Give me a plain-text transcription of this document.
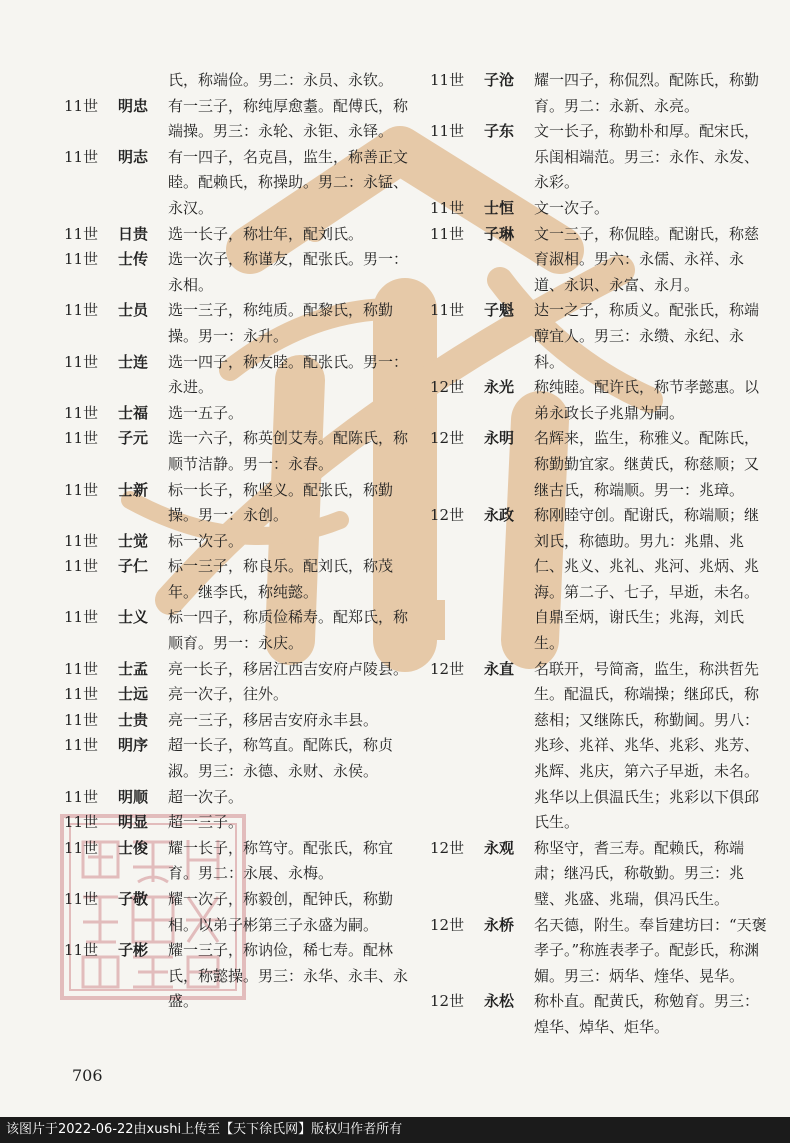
氏，称端俭。男二：永员、永钦。
11世	明忠	有一三子，称纯厚愈耋。配傅氏，称端操。男三：永轮、永钜、永铎。
11世	明志	有一四子，名克昌，监生，称善正文睦。配赖氏，称操助。男二：永锰、永汉。
11世	日贵	选一长子，称壮年，配刘氏。
11世	士传	选一次子，称谨友，配张氏。男一：永相。
11世	士员	选一三子，称纯质。配黎氏，称勤操。男一：永升。
11世	士连	选一四子，称友睦。配张氏。男一：永进。
11世	士福	选一五子。
11世	子元	选一六子，称英创艾寿。配陈氏，称顺节洁静。男一：永春。
11世	士新	标一长子，称坚义。配张氏，称勤操。男一：永创。
11世	士觉	标一次子。
11世	子仁	标一三子，称良乐。配刘氏，称茂年。继李氏，称纯懿。
11世	士义	标一四子，称质俭稀寿。配郑氏，称顺育。男一：永庆。
11世	士孟	亮一长子，移居江西吉安府卢陵县。
11世	士远	亮一次子，往外。
11世	士贵	亮一三子，移居吉安府永丰县。
11世	明序	超一长子，称笃直。配陈氏，称贞淑。男三：永德、永财、永侯。
11世	明顺	超一次子。
11世	明显	超一三子。
11世	士俊	耀一长子，称笃守。配张氏，称宜育。男二：永展、永梅。
11世	子敬	耀一次子，称毅创，配钟氏，称勤相。以弟子彬第三子永盛为嗣。
11世	子彬	耀一三子，称讷俭，稀七寿。配林氏，称懿操。男三：永华、永丰、永盛。
11世	子沧	耀一四子，称侃烈。配陈氏，称勤育。男二：永新、永亮。
11世	子东	文一长子，称勤朴和厚。配宋氏，乐闺相端范。男三：永作、永发、永彩。
11世	士恒	文一次子。
11世	子琳	文一三子，称侃睦。配谢氏，称慈育淑相。男六：永儒、永祥、永道、永识、永富、永月。
11世	子魁	达一之子，称质义。配张氏，称端醇宜人。男三：永缵、永纪、永科。
12世	永光	称纯睦。配许氏，称节孝懿惠。以弟永政长子兆鼎为嗣。
12世	永明	名辉来，监生，称雅义。配陈氏，称勤勤宜家。继黄氏，称慈顺；又继古氏，称端顺。男一：兆璋。
12世	永政	称刚睦守创。配谢氏，称端顺；继刘氏，称德助。男九：兆鼎、兆仁、兆义、兆礼、兆河、兆炳、兆海。第二子、七子，早逝，未名。自鼎至炳，谢氏生；兆海，刘氏生。
12世	永直	名联开，号简斋，监生，称洪哲先生。配温氏，称端操；继邱氏，称慈相；又继陈氏，称勤阃。男八：兆珍、兆祥、兆华、兆彩、兆芳、兆辉、兆庆，第六子早逝，未名。兆华以上俱温氏生；兆彩以下俱邱氏生。
12世	永观	称坚守，耆三寿。配赖氏，称端肃；继冯氏，称敬勤。男三：兆璧、兆盛、兆瑞，俱冯氏生。
12世	永桥	名天德，附生。奉旨建坊曰：“天褒孝子。”称旌表孝子。配彭氏，称渊媚。男三：炳华、煃华、晃华。
12世	永松	称朴直。配黄氏，称勉育。男三：煌华、焯华、炬华。
706
该图片于2022-06-22由xushi上传至【天下徐氏网】版权归作者所有
